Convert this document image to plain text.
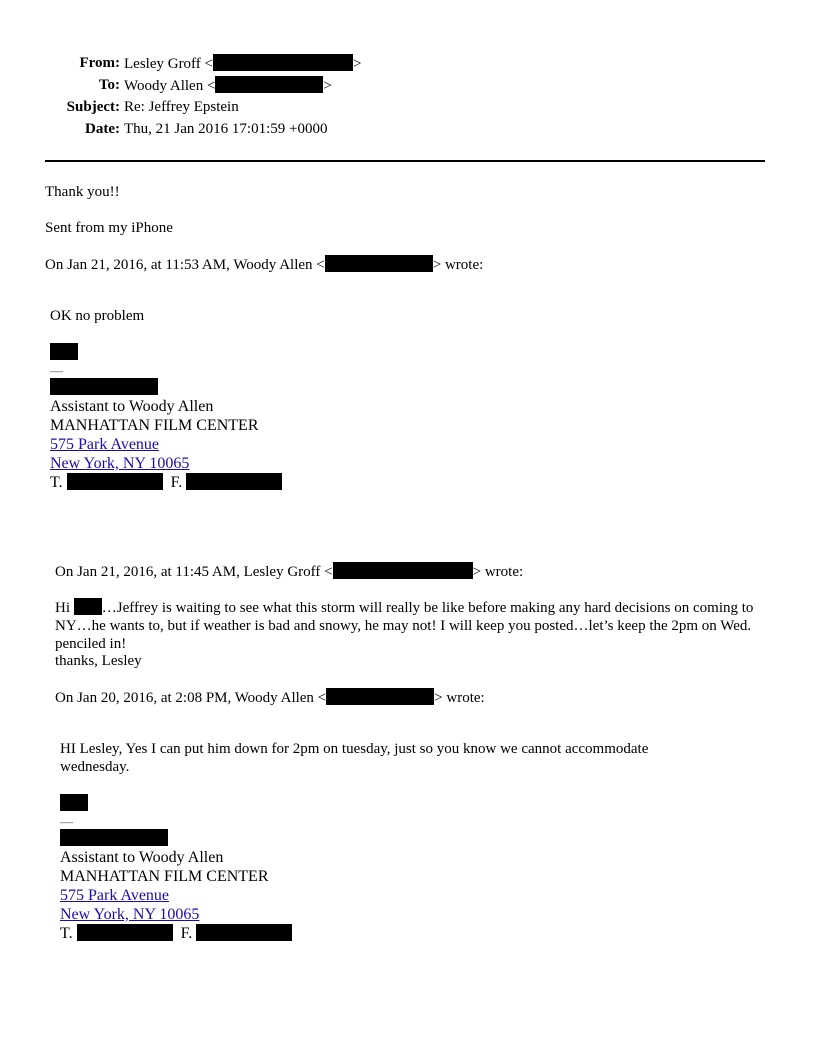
From: Lesley Groff <	>
To: Woody Allen <	>
Subject: Re: Jeffrey Epstein
Date: Thu, 21 Jan 2016 17:01:59 +0000
Thank you!!
Sent from my iPhone
On Jan 21, 2016, at 11:53 AM, Woody Allen <	> wrote:
OK no problem
—
Assistant to Woody Allen
MANHATTAN FILM CENTER
575 Park Avenue
New York, NY 10065
T.	F.
On Jan 21, 2016, at 11:45 AM, Lesley Groff <	> wrote:
Hi …Jeffrey is waiting to see what this storm will really be like before making any hard decisions on coming to NY…he wants to, but if weather is bad and snowy, he may not! I will keep you posted…let’s keep the 2pm on Wed. penciled in!
thanks, Lesley
On Jan 20, 2016, at 2:08 PM, Woody Allen <	> wrote:
HI Lesley, Yes I can put him down for 2pm on tuesday, just so you know we cannot accommodate wednesday.
—
Assistant to Woody Allen
MANHATTAN FILM CENTER
575 Park Avenue
New York, NY 10065
T.	F.
